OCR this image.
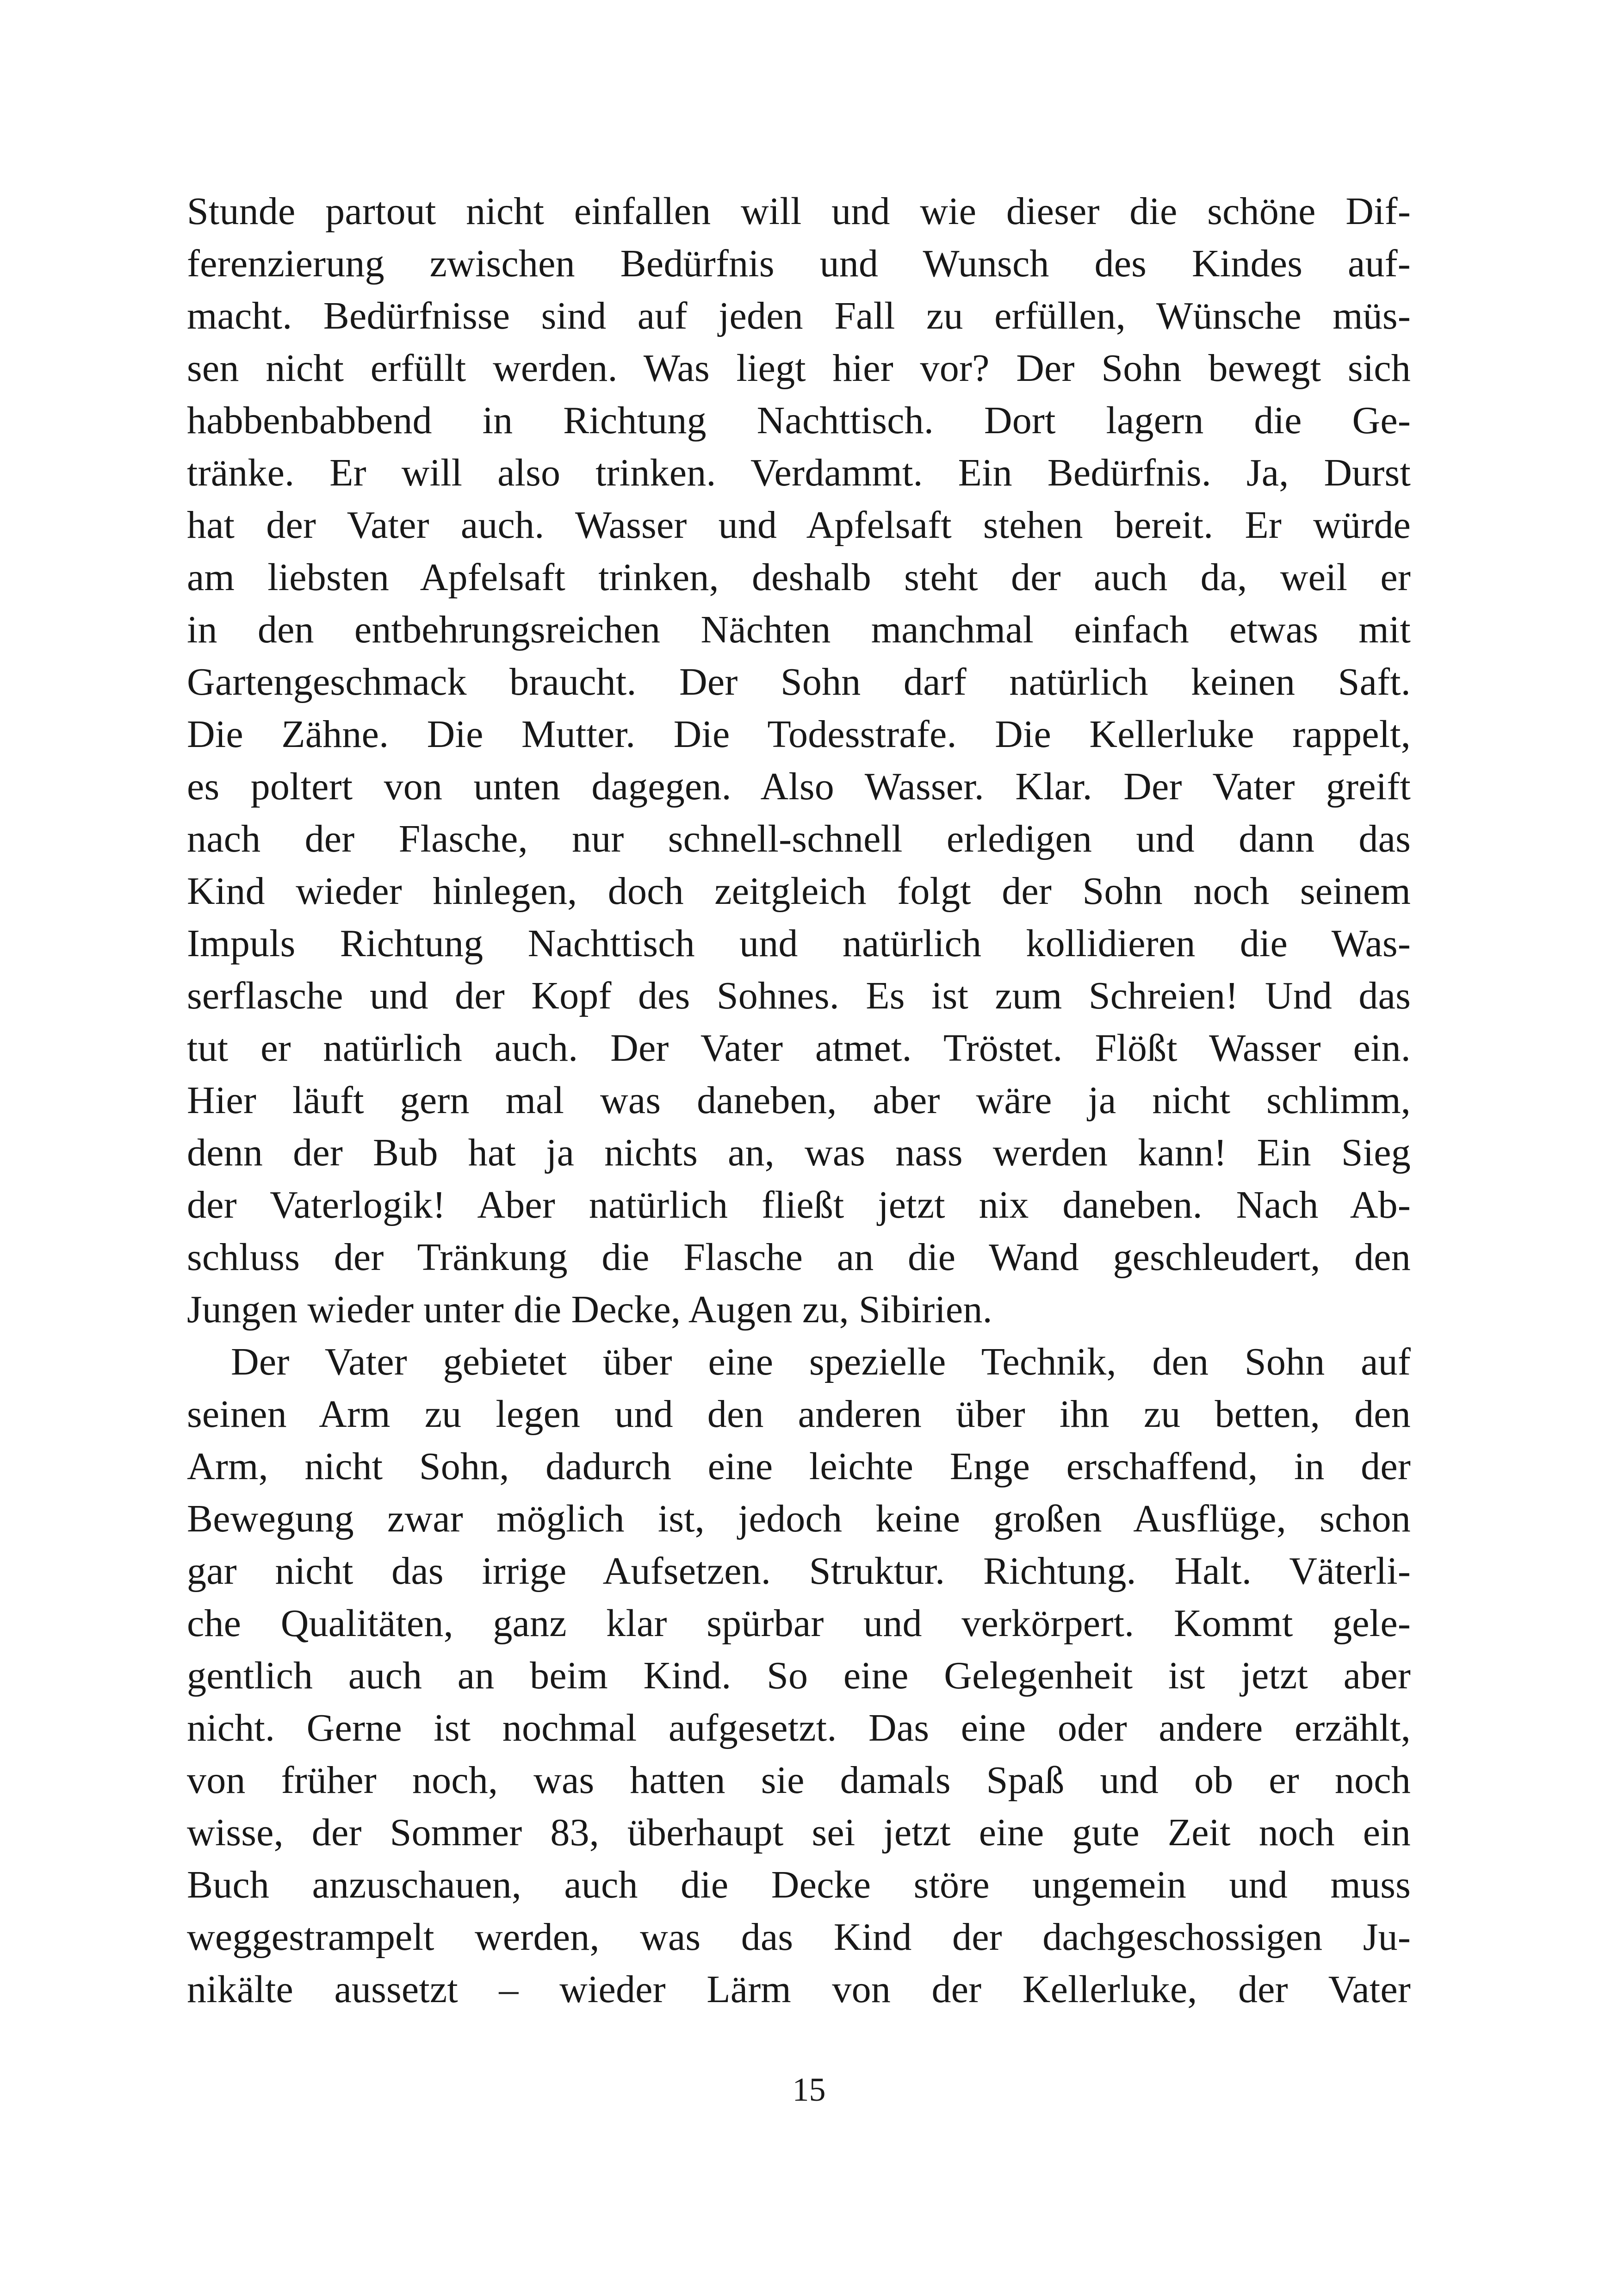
Stunde partout nicht einfallen will und wie dieser die schöne Dif-
ferenzierung zwischen Bedürfnis und Wunsch des Kindes auf-
macht. Bedürfnisse sind auf jeden Fall zu erfüllen, Wünsche müs-
sen nicht erfüllt werden. Was liegt hier vor? Der Sohn bewegt sich
habbenbabbend in Richtung Nachttisch. Dort lagern die Ge-
tränke. Er will also trinken. Verdammt. Ein Bedürfnis. Ja, Durst
hat der Vater auch. Wasser und Apfelsaft stehen bereit. Er würde
am liebsten Apfelsaft trinken, deshalb steht der auch da, weil er
in den entbehrungsreichen Nächten manchmal einfach etwas mit
Gartengeschmack braucht. Der Sohn darf natürlich keinen Saft.
Die Zähne. Die Mutter. Die Todesstrafe. Die Kellerluke rappelt,
es poltert von unten dagegen. Also Wasser. Klar. Der Vater greift
nach der Flasche, nur schnell-schnell erledigen und dann das
Kind wieder hinlegen, doch zeitgleich folgt der Sohn noch seinem
Impuls Richtung Nachttisch und natürlich kollidieren die Was-
serflasche und der Kopf des Sohnes. Es ist zum Schreien! Und das
tut er natürlich auch. Der Vater atmet. Tröstet. Flößt Wasser ein.
Hier läuft gern mal was daneben, aber wäre ja nicht schlimm,
denn der Bub hat ja nichts an, was nass werden kann! Ein Sieg
der Vaterlogik! Aber natürlich fließt jetzt nix daneben. Nach Ab-
schluss der Tränkung die Flasche an die Wand geschleudert, den
Jungen wieder unter die Decke, Augen zu, Sibirien.
Der Vater gebietet über eine spezielle Technik, den Sohn auf
seinen Arm zu legen und den anderen über ihn zu betten, den
Arm, nicht Sohn, dadurch eine leichte Enge erschaffend, in der
Bewegung zwar möglich ist, jedoch keine großen Ausflüge, schon
gar nicht das irrige Aufsetzen. Struktur. Richtung. Halt. Väterli-
che Qualitäten, ganz klar spürbar und verkörpert. Kommt gele-
gentlich auch an beim Kind. So eine Gelegenheit ist jetzt aber
nicht. Gerne ist nochmal aufgesetzt. Das eine oder andere erzählt,
von früher noch, was hatten sie damals Spaß und ob er noch
wisse, der Sommer 83, überhaupt sei jetzt eine gute Zeit noch ein
Buch anzuschauen, auch die Decke störe ungemein und muss
weggestrampelt werden, was das Kind der dachgeschossigen Ju-
nikälte aussetzt – wieder Lärm von der Kellerluke, der Vater
15
